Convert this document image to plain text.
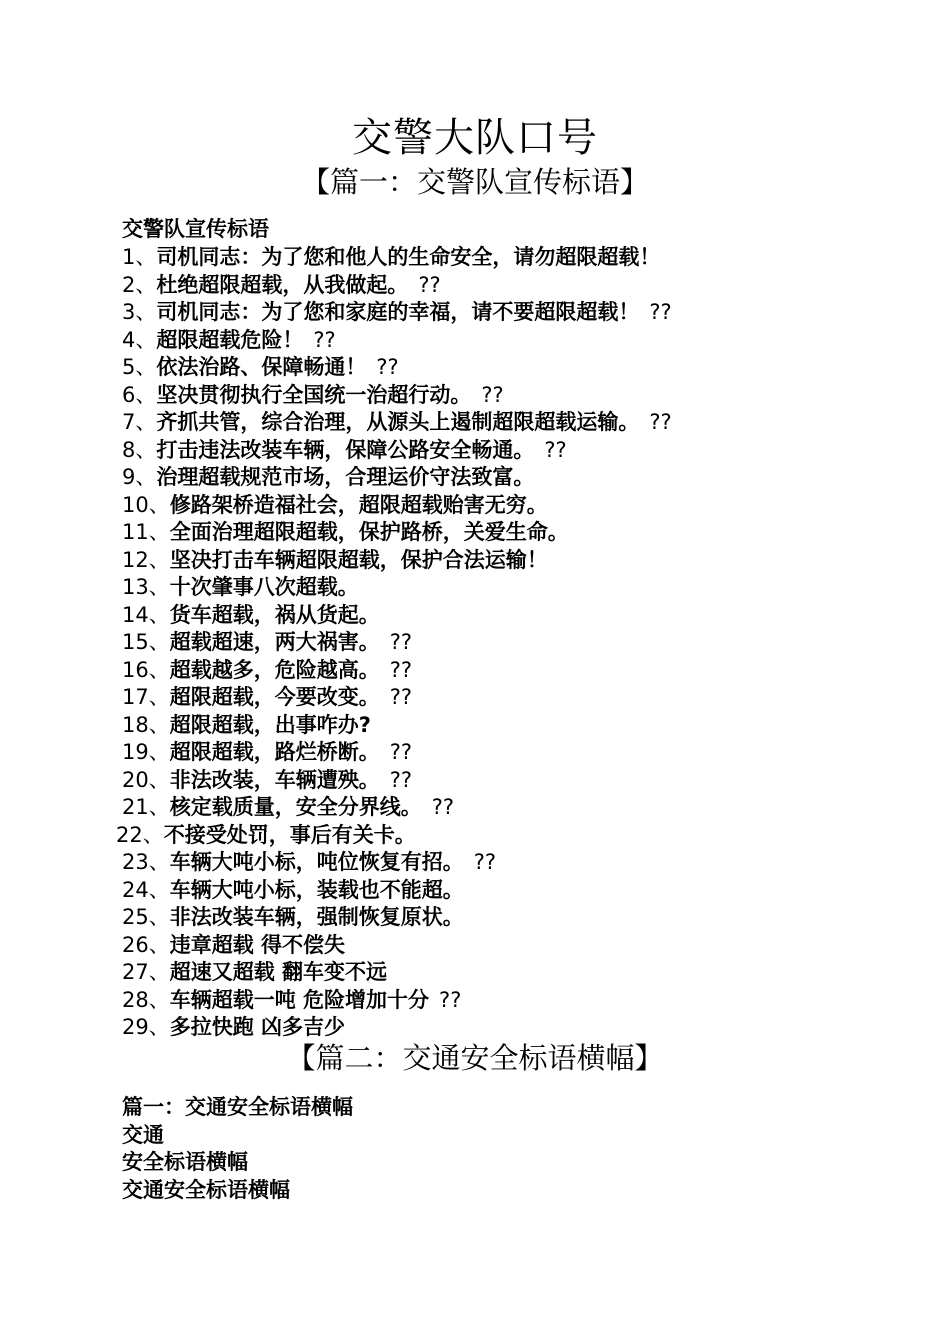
交警大队口号
【篇一：交警队宣传标语】
交警队宣传标语
1、司机同志：为了您和他人的生命安全，请勿超限超载！
2、杜绝超限超载，从我做起。 ??
3、司机同志：为了您和家庭的幸福，请不要超限超载！ ??
4、超限超载危险！ ??
5、依法治路、保障畅通！ ??
6、坚决贯彻执行全国统一治超行动。 ??
7、齐抓共管，综合治理，从源头上遏制超限超载运输。 ??
8、打击违法改装车辆，保障公路安全畅通。 ??
9、治理超载规范市场，合理运价守法致富。
10、修路架桥造福社会，超限超载贻害无穷。
11、全面治理超限超载，保护路桥，关爱生命。
12、坚决打击车辆超限超载，保护合法运输！
13、十次肇事八次超载。
14、货车超载，祸从货起。
15、超载超速，两大祸害。 ??
16、超载越多，危险越高。 ??
17、超限超载，今要改变。 ??
18、超限超载，出事咋办?
19、超限超载，路烂桥断。 ??
20、非法改装，车辆遭殃。 ??
21、核定载质量，安全分界线。 ??
22、不接受处罚，事后有关卡。
23、车辆大吨小标，吨位恢复有招。 ??
24、车辆大吨小标，装载也不能超。
25、非法改装车辆，强制恢复原状。
26、违章超载 得不偿失
27、超速又超载 翻车变不远
28、车辆超载一吨 危险增加十分 ??
29、多拉快跑 凶多吉少
【篇二：交通安全标语横幅】
篇一：交通安全标语横幅
交通
安全标语横幅
交通安全标语横幅
